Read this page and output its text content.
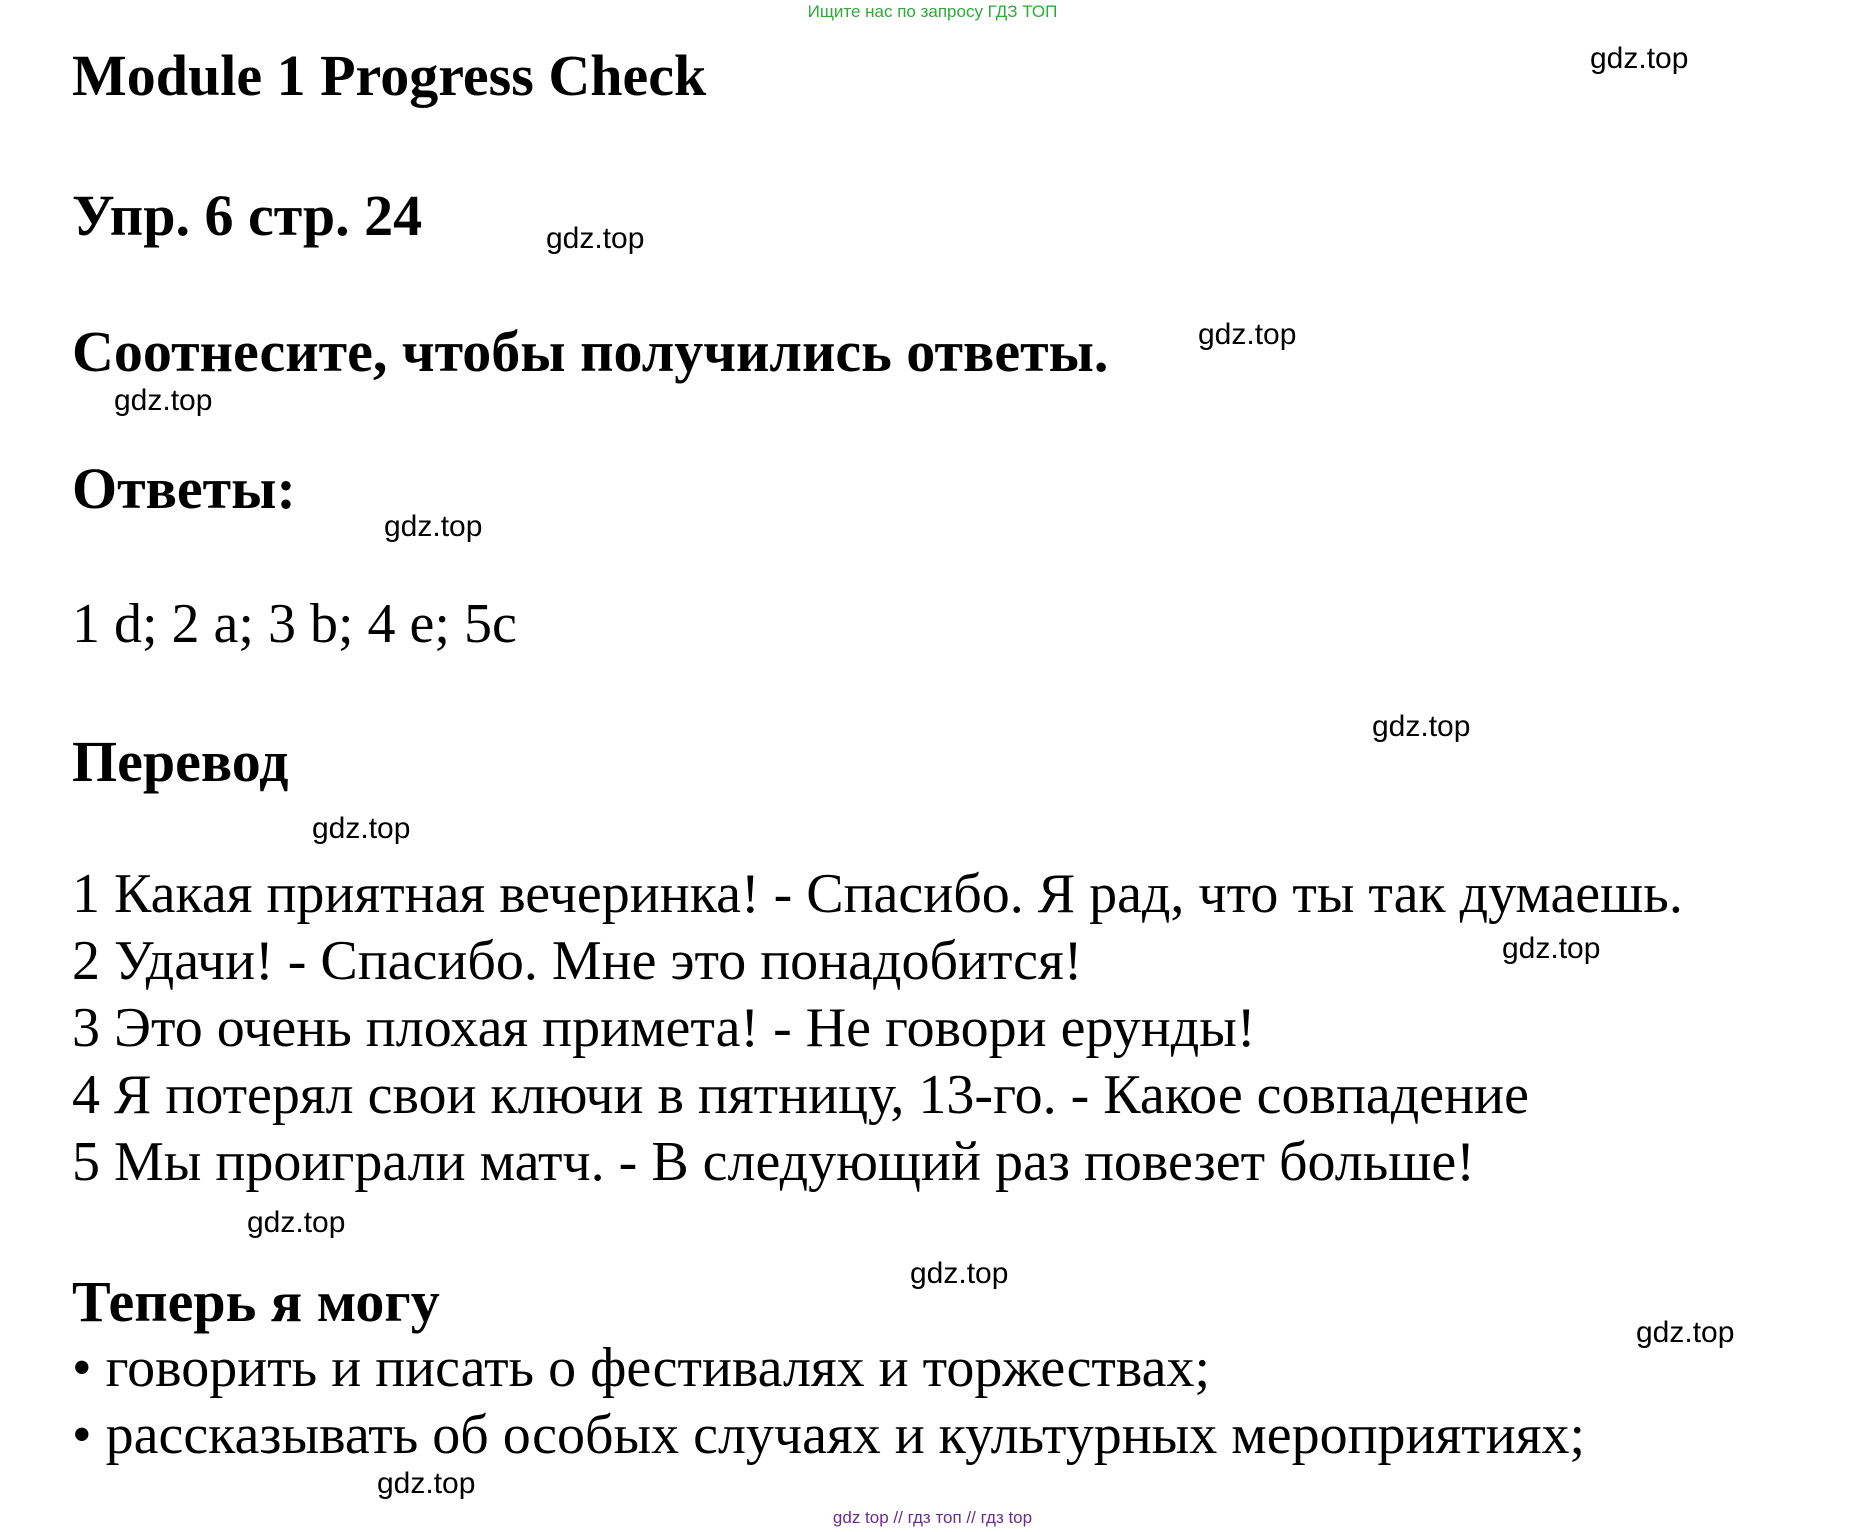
Ищите нас по запросу ГДЗ ТОП
Module 1 Progress Check
Упр. 6 стр. 24
Соотнесите, чтобы получились ответы.
Ответы:
1 d; 2 a; 3 b; 4 e; 5c
Перевод
1 Какая приятная вечеринка! - Спасибо. Я рад, что ты так думаешь.
2 Удачи! - Спасибо. Мне это понадобится!
3 Это очень плохая примета! - Не говори ерунды!
4 Я потерял свои ключи в пятницу, 13-го. - Какое совпадение
5 Мы проиграли матч. - В следующий раз повезет больше!
Теперь я могу
• говорить и писать о фестивалях и торжествах;
• рассказывать об особых случаях и культурных мероприятиях;
gdz.top
gdz.top
gdz.top
gdz.top
gdz.top
gdz.top
gdz.top
gdz.top
gdz.top
gdz.top
gdz.top
gdz.top
gdz top // гдз топ // гдз top
